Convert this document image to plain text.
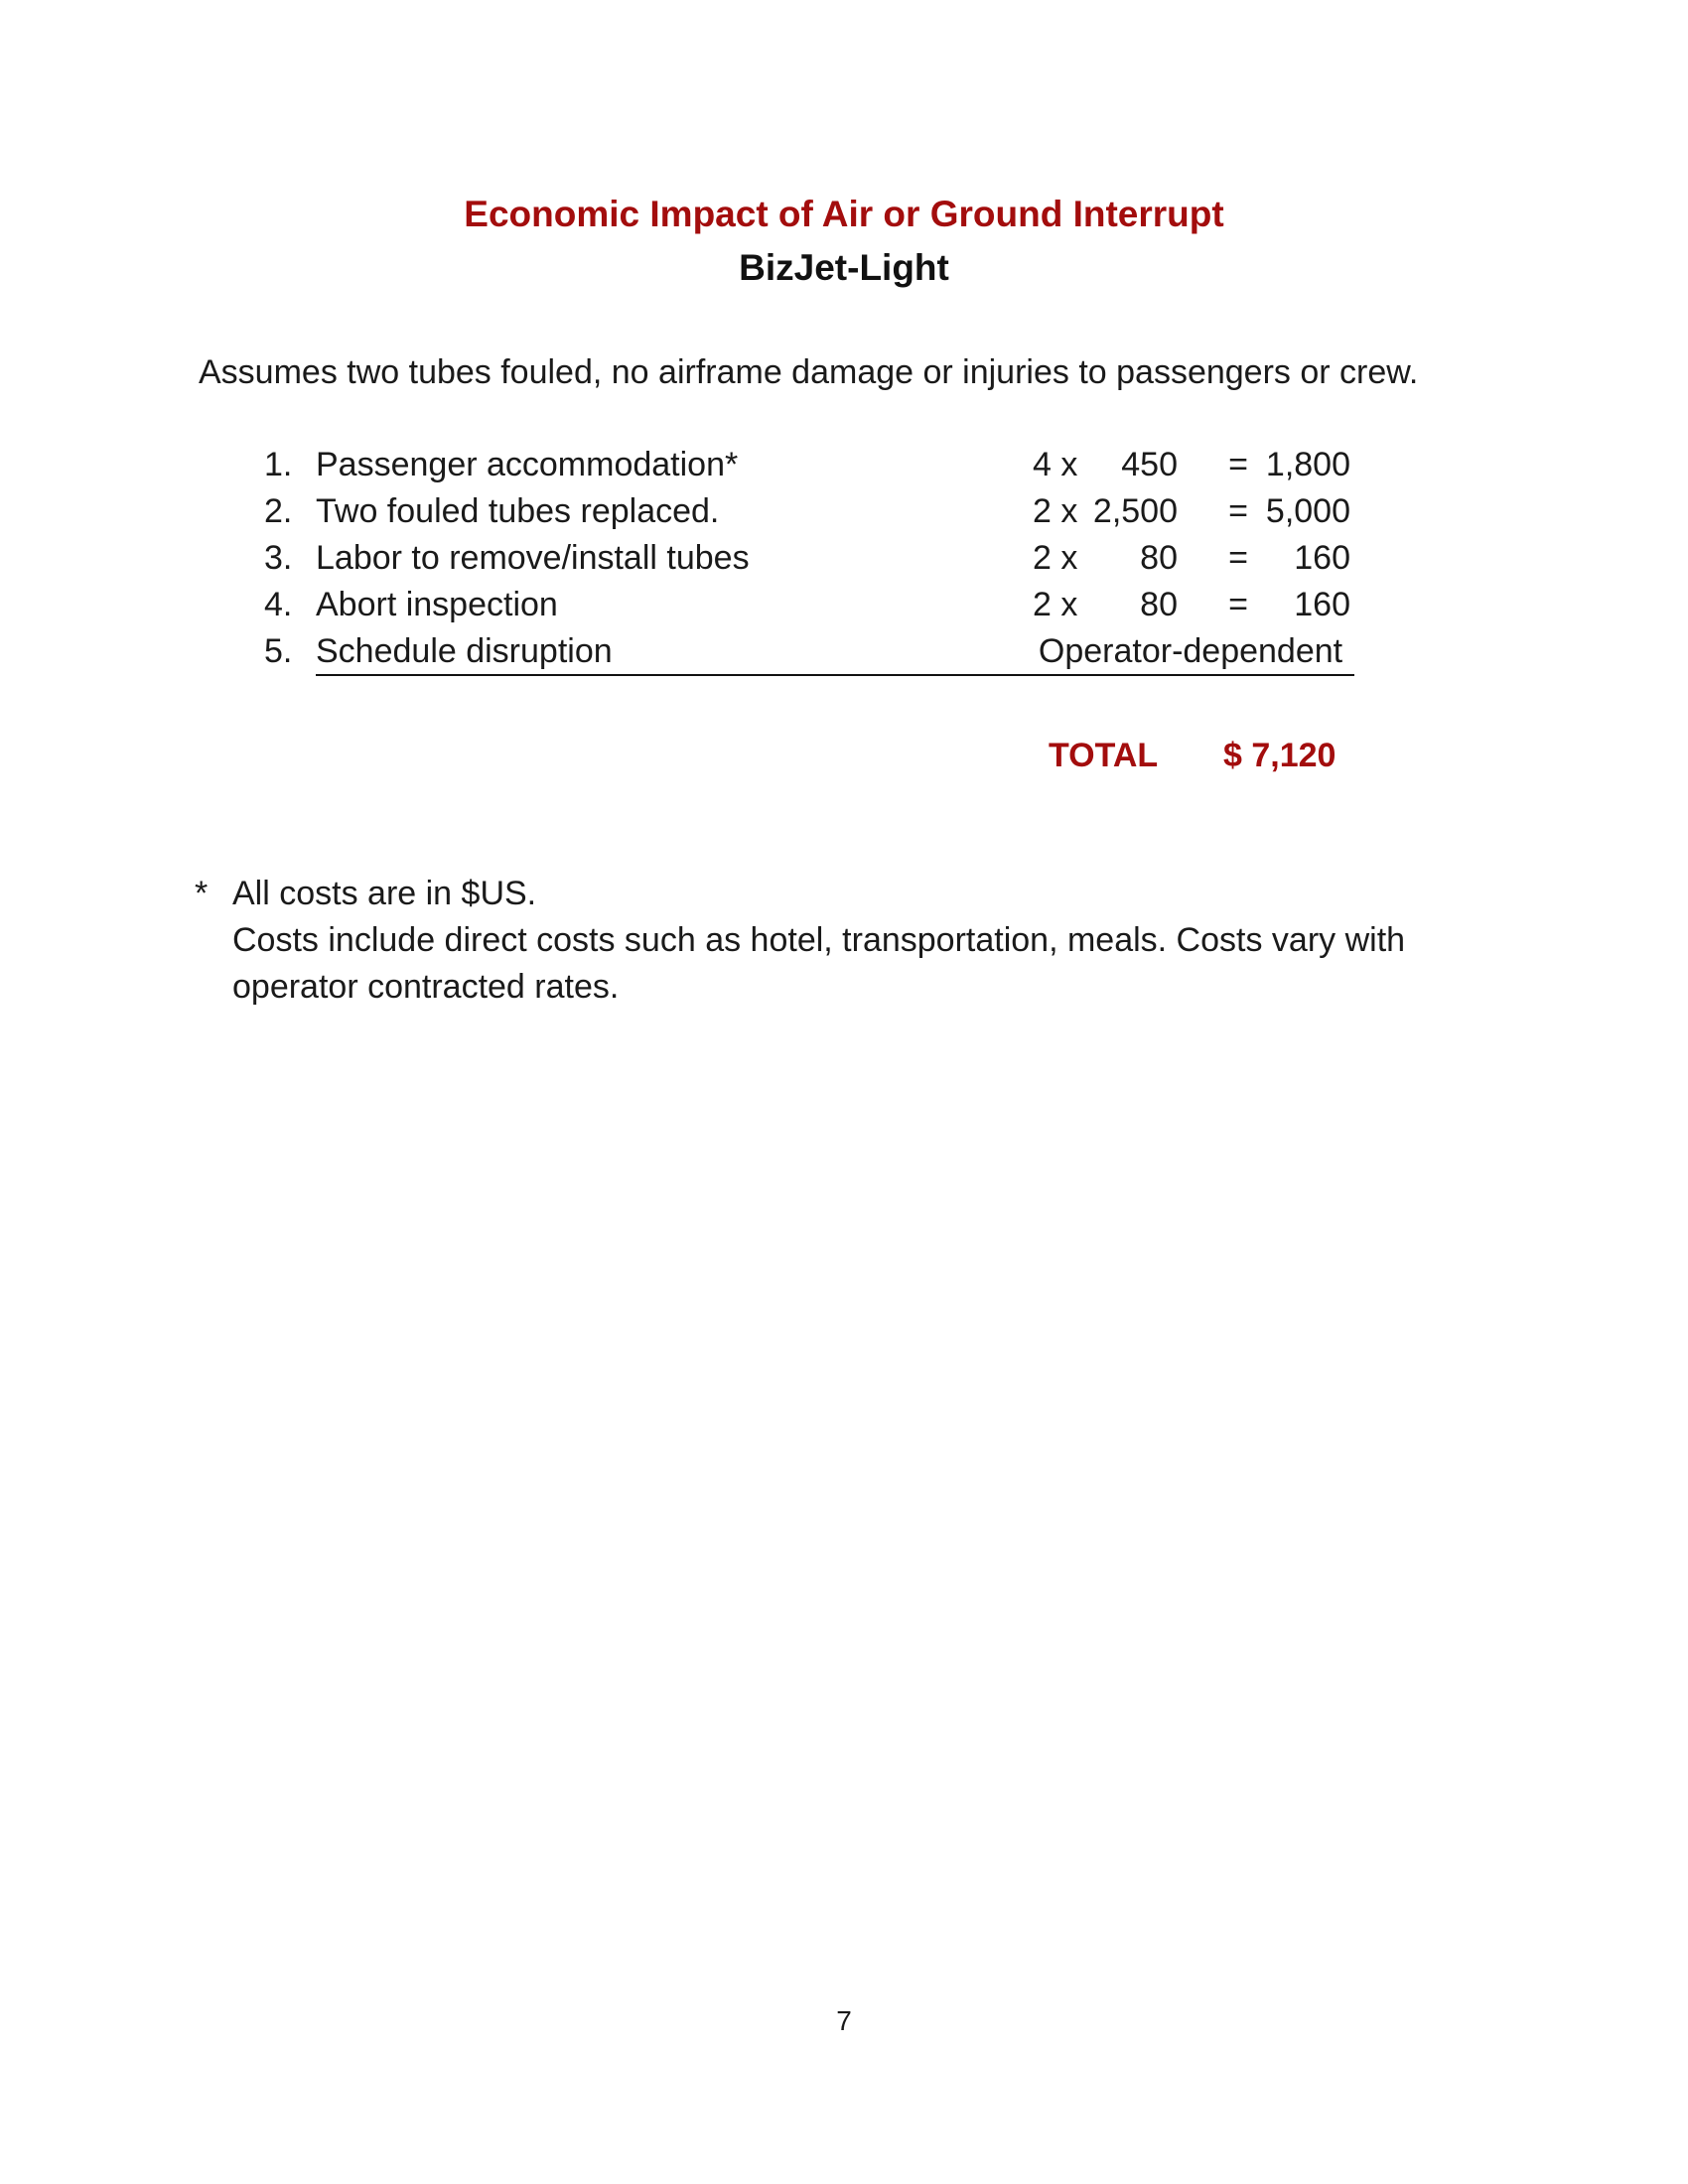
Economic Impact of Air or Ground Interrupt
BizJet-Light
Assumes two tubes fouled, no airframe damage or injuries to passengers or crew.
1. Passenger accommodation*	4 x	450 = 1,800
2. Two fouled tubes replaced.	2 x 2,500 = 5,000
3. Labor to remove/install tubes	2 x	80 =	160
4. Abort inspection	2 x	80 =	160
5. Schedule disruption	Operator-dependent
TOTAL $ 7,120
* All costs are in $US.
Costs include direct costs such as hotel, transportation, meals. Costs vary with operator contracted rates.
7
